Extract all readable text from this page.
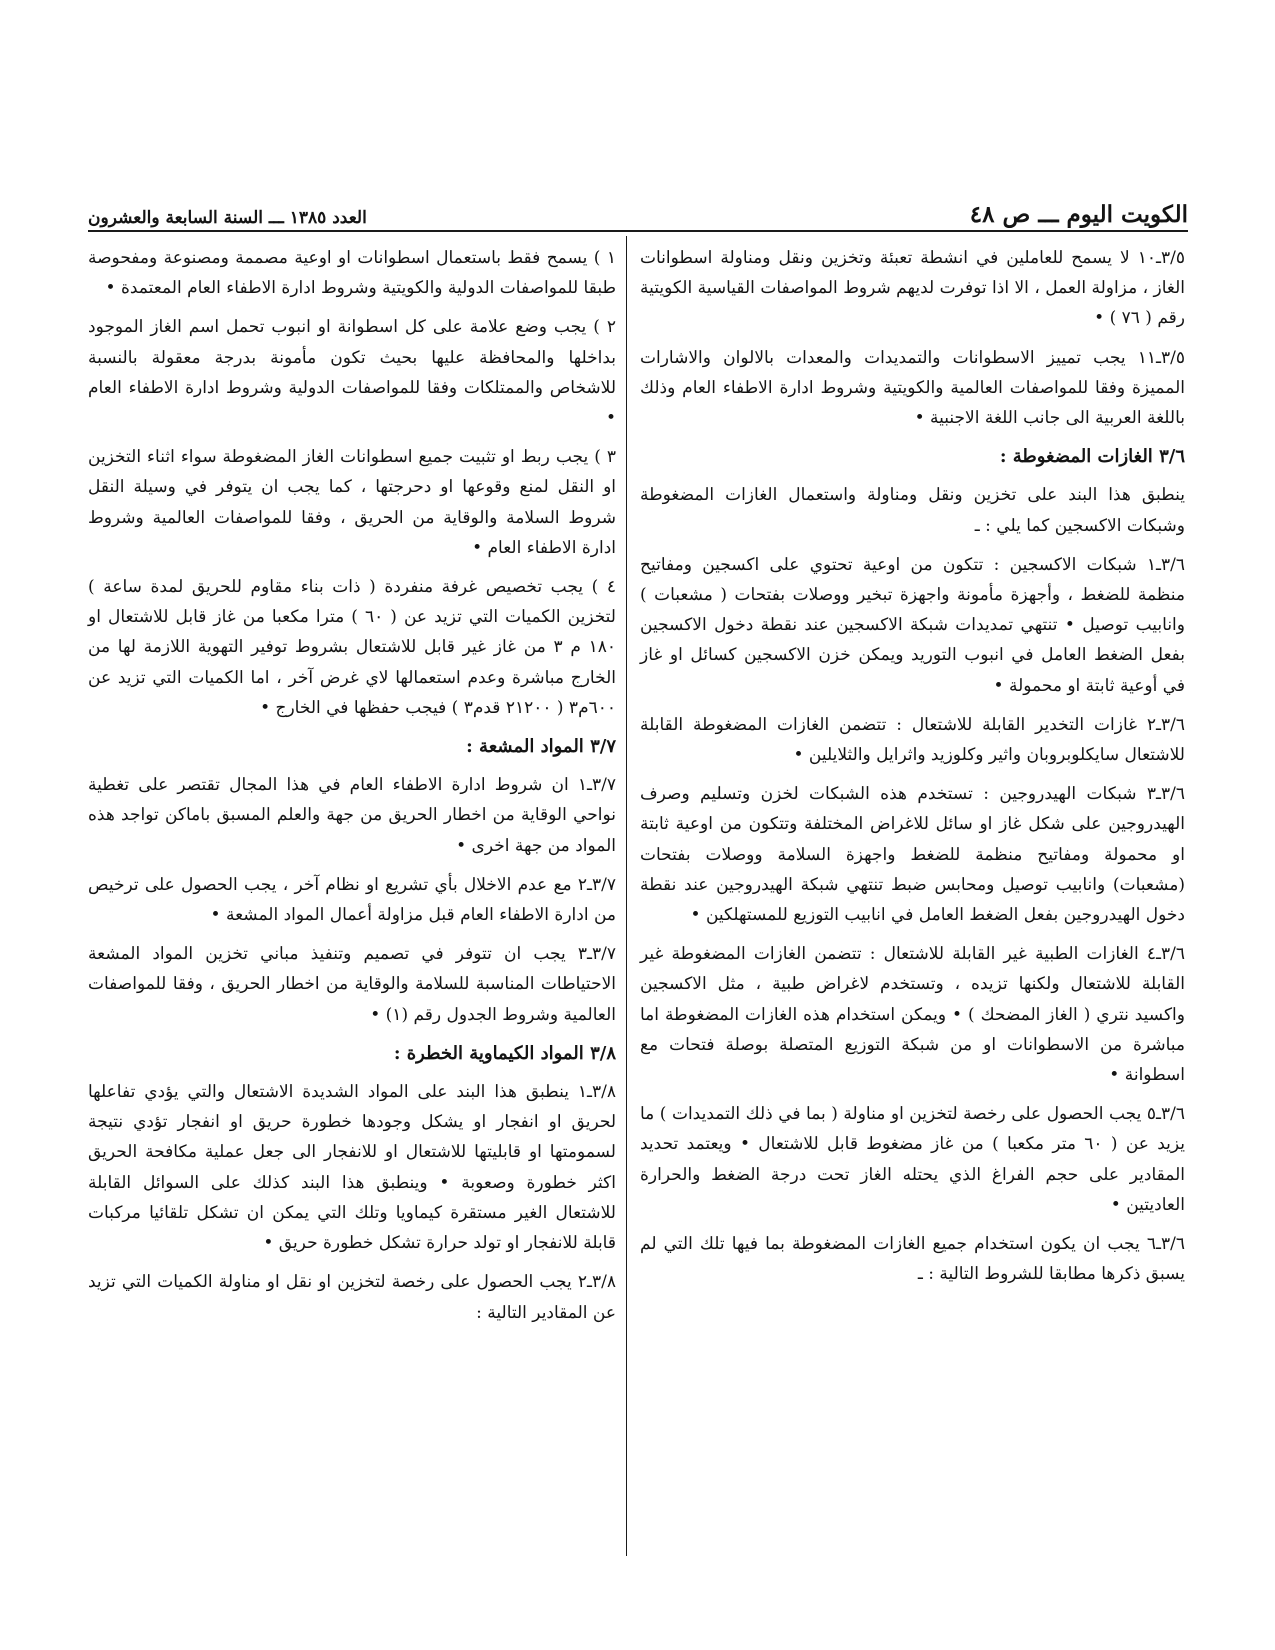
الكويت اليوم ـــ ص ٤٨
العدد ١٣٨٥ ـــ السنة السابعة والعشرون

٣/٥ـ١٠ لا يسمح للعاملين في انشطة تعبئة وتخزين ونقل ومناولة اسطوانات الغاز ، مزاولة العمل ، الا اذا توفرت لديهم شروط المواصفات القياسية الكويتية رقم ( ٧٦ ) •

٣/٥ـ١١ يجب تمييز الاسطوانات والتمديدات والمعدات بالالوان والاشارات المميزة وفقا للمواصفات العالمية والكويتية وشروط ادارة الاطفاء العام وذلك باللغة العربية الى جانب اللغة الاجنبية •

٣/٦ الغازات المضغوطة :

ينطبق هذا البند على تخزين ونقل ومناولة واستعمال الغازات المضغوطة وشبكات الاكسجين كما يلي : ـ

٣/٦ـ١ شبكات الاكسجين : تتكون من اوعية تحتوي على اكسجين ومفاتيح منظمة للضغط ، وأجهزة مأمونة واجهزة تبخير ووصلات بفتحات ( مشعبات ) وانابيب توصيل • تنتهي تمديدات شبكة الاكسجين عند نقطة دخول الاكسجين بفعل الضغط العامل في انبوب التوريد ويمكن خزن الاكسجين كسائل او غاز في أوعية ثابتة او محمولة •

٣/٦ـ٢ غازات التخدير القابلة للاشتعال : تتضمن الغازات المضغوطة القابلة للاشتعال سايكلوبروبان واثير وكلوزيد واثرايل والثلايلين •

٣/٦ـ٣ شبكات الهيدروجين : تستخدم هذه الشبكات لخزن وتسليم وصرف الهيدروجين على شكل غاز او سائل للاغراض المختلفة وتتكون من اوعية ثابتة او محمولة ومفاتيح منظمة للضغط واجهزة السلامة ووصلات بفتحات (مشعبات) وانابيب توصيل ومحابس ضبط تنتهي شبكة الهيدروجين عند نقطة دخول الهيدروجين بفعل الضغط العامل في انابيب التوزيع للمستهلكين •

٣/٦ـ٤ الغازات الطبية غير القابلة للاشتعال : تتضمن الغازات المضغوطة غير القابلة للاشتعال ولكنها تزيده ، وتستخدم لاغراض طبية ، مثل الاكسجين واكسيد نتري ( الغاز المضحك ) • ويمكن استخدام هذه الغازات المضغوطة اما مباشرة من الاسطوانات او من شبكة التوزيع المتصلة بوصلة فتحات مع اسطوانة •

٣/٦ـ٥ يجب الحصول على رخصة لتخزين او مناولة ( بما في ذلك التمديدات ) ما يزيد عن ( ٦٠ متر مكعبا ) من غاز مضغوط قابل للاشتعال • ويعتمد تحديد المقادير على حجم الفراغ الذي يحتله الغاز تحت درجة الضغط والحرارة العاديتين •

٣/٦ـ٦ يجب ان يكون استخدام جميع الغازات المضغوطة بما فيها تلك التي لم يسبق ذكرها مطابقا للشروط التالية : ـ

١ ) يسمح فقط باستعمال اسطوانات او اوعية مصممة ومصنوعة ومفحوصة طبقا للمواصفات الدولية والكويتية وشروط ادارة الاطفاء العام المعتمدة •

٢ ) يجب وضع علامة على كل اسطوانة او انبوب تحمل اسم الغاز الموجود بداخلها والمحافظة عليها بحيث تكون مأمونة بدرجة معقولة بالنسبة للاشخاص والممتلكات وفقا للمواصفات الدولية وشروط ادارة الاطفاء العام •

٣ ) يجب ربط او تثبيت جميع اسطوانات الغاز المضغوطة سواء اثناء التخزين او النقل لمنع وقوعها او دحرجتها ، كما يجب ان يتوفر في وسيلة النقل شروط السلامة والوقاية من الحريق ، وفقا للمواصفات العالمية وشروط ادارة الاطفاء العام •

٤ ) يجب تخصيص غرفة منفردة ( ذات بناء مقاوم للحريق لمدة ساعة ) لتخزين الكميات التي تزيد عن ( ٦٠ ) مترا مكعبا من غاز قابل للاشتعال او ١٨٠ م ٣ من غاز غير قابل للاشتعال بشروط توفير التهوية اللازمة لها من الخارج مباشرة وعدم استعمالها لاي غرض آخر ، اما الكميات التي تزيد عن ٦٠٠م٣ ( ٢١٢٠٠ قدم٣ ) فيجب حفظها في الخارج •

٣/٧ المواد المشعة :

٣/٧ـ١ ان شروط ادارة الاطفاء العام في هذا المجال تقتصر على تغطية نواحي الوقاية من اخطار الحريق من جهة والعلم المسبق باماكن تواجد هذه المواد من جهة اخرى •

٣/٧ـ٢ مع عدم الاخلال بأي تشريع او نظام آخر ، يجب الحصول على ترخيص من ادارة الاطفاء العام قبل مزاولة أعمال المواد المشعة •

٣/٧ـ٣ يجب ان تتوفر في تصميم وتنفيذ مباني تخزين المواد المشعة الاحتياطات المناسبة للسلامة والوقاية من اخطار الحريق ، وفقا للمواصفات العالمية وشروط الجدول رقم (١) •

٣/٨ المواد الكيماوية الخطرة :

٣/٨ـ١ ينطبق هذا البند على المواد الشديدة الاشتعال والتي يؤدي تفاعلها لحريق او انفجار او يشكل وجودها خطورة حريق او انفجار تؤدي نتيجة لسمومتها او قابليتها للاشتعال او للانفجار الى جعل عملية مكافحة الحريق اكثر خطورة وصعوبة • وينطبق هذا البند كذلك على السوائل القابلة للاشتعال الغير مستقرة كيماويا وتلك التي يمكن ان تشكل تلقائيا مركبات قابلة للانفجار او تولد حرارة تشكل خطورة حريق •

٣/٨ـ٢ يجب الحصول على رخصة لتخزين او نقل او مناولة الكميات التي تزيد عن المقادير التالية :
